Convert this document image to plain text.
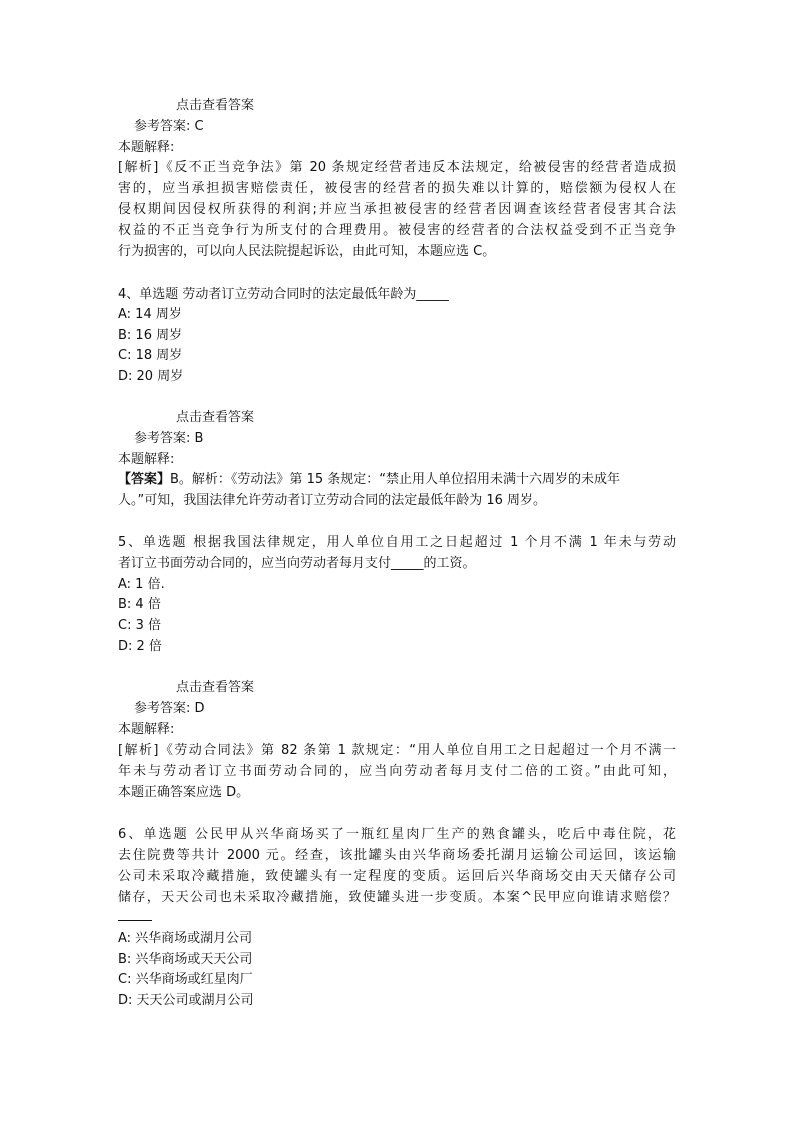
点击查看答案
参考答案: C
本题解释:
[解析]《反不正当竞争法》第 20 条规定经营者违反本法规定，给被侵害的经营者造成损
害的，应当承担损害赔偿责任，被侵害的经营者的损失难以计算的，赔偿额为侵权人在
侵权期间因侵权所获得的利润;并应当承担被侵害的经营者因调查该经营者侵害其合法
权益的不正当竞争行为所支付的合理费用。被侵害的经营者的合法权益受到不正当竞争
行为损害的，可以向人民法院提起诉讼，由此可知，本题应选 C。
4、单选题 劳动者订立劳动合同时的法定最低年龄为_____
A: 14 周岁
B: 16 周岁
C: 18 周岁
D: 20 周岁
点击查看答案
参考答案: B
本题解释:
【答案】B。解析：《劳动法》第 15 条规定：“禁止用人单位招用未满十六周岁的未成年
人。”可知，我国法律允许劳动者订立劳动合同的法定最低年龄为 16 周岁。
5、单选题 根据我国法律规定，用人单位自用工之日起超过 1 个月不满 1 年未与劳动
者订立书面劳动合同的，应当向劳动者每月支付_____的工资。
A: 1 倍.
B: 4 倍
C: 3 倍
D: 2 倍
点击查看答案
参考答案: D
本题解释:
[解析]《劳动合同法》第 82 条第 1 款规定：“用人单位自用工之日起超过一个月不满一
年未与劳动者订立书面劳动合同的，应当向劳动者每月支付二倍的工资。”由此可知，
本题正确答案应选 D。
6、单选题 公民甲从兴华商场买了一瓶红星肉厂生产的熟食罐头，吃后中毒住院，花
去住院费等共计 2000 元。经查，该批罐头由兴华商场委托湖月运输公司运回，该运输
公司未采取冷藏措施，致使罐头有一定程度的变质。运回后兴华商场交由天天储存公司
储存，天天公司也未采取冷藏措施，致使罐头进一步变质。本案^民甲应向谁请求赔偿？
A: 兴华商场或湖月公司
B: 兴华商场或天天公司
C: 兴华商场或红星肉厂
D: 天天公司或湖月公司
